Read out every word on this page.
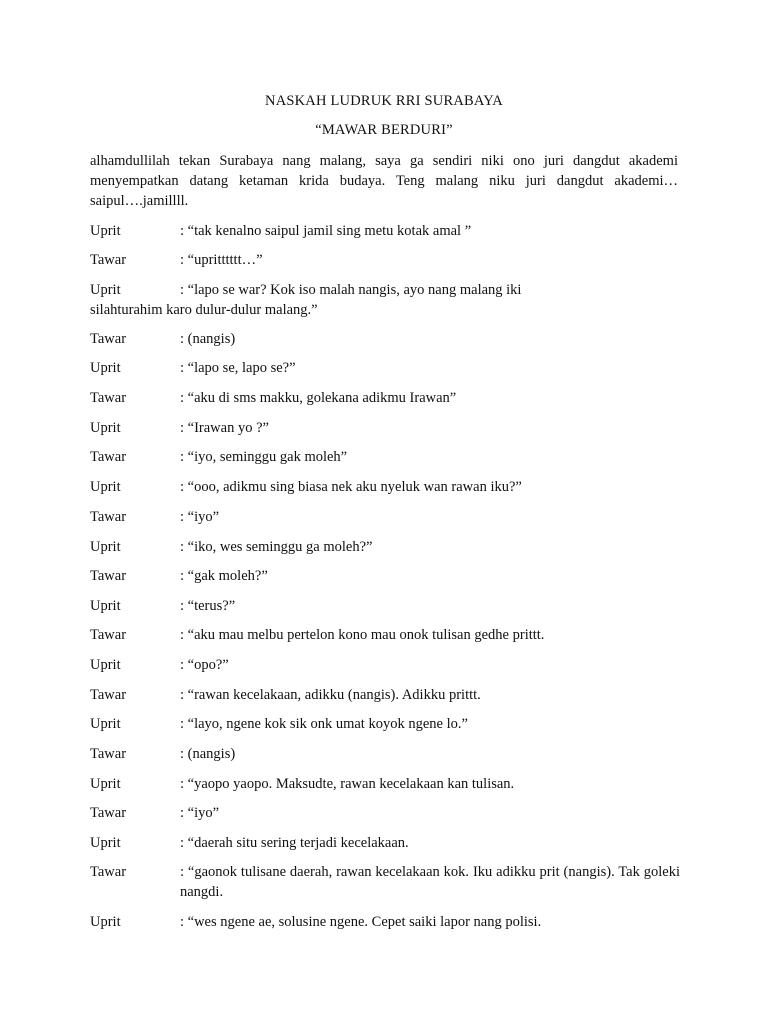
NASKAH LUDRUK RRI SURABAYA
“MAWAR BERDURI”
alhamdullilah tekan Surabaya nang malang, saya ga sendiri niki ono juri dangdut akademi menyempatkan datang ketaman krida budaya. Teng malang niku juri dangdut akademi… saipul….jamillll.
Uprit	: “tak kenalno saipul jamil sing metu kotak amal ”
Tawar	: “upritttttt…”
Uprit	: “lapo se war? Kok iso malah nangis, ayo nang malang iki
silahturahim karo dulur-dulur malang.”
Tawar	: (nangis)
Uprit	: “lapo se, lapo se?”
Tawar	: “aku di sms makku, golekana adikmu Irawan”
Uprit	: “Irawan yo ?”
Tawar	: “iyo, seminggu gak moleh”
Uprit	: “ooo, adikmu sing biasa nek aku nyeluk wan rawan iku?”
Tawar	: “iyo”
Uprit	: “iko, wes seminggu ga moleh?”
Tawar	: “gak moleh?”
Uprit	: “terus?”
Tawar	: “aku mau melbu pertelon kono mau onok tulisan gedhe prittt.
Uprit	: “opo?”
Tawar	: “rawan kecelakaan, adikku (nangis). Adikku prittt.
Uprit	: “layo, ngene kok sik onk umat koyok ngene lo.”
Tawar	: (nangis)
Uprit	: “yaopo yaopo. Maksudte, rawan kecelakaan kan tulisan.
Tawar	: “iyo”
Uprit	: “daerah situ sering terjadi kecelakaan.
Tawar	: “gaonok tulisane daerah, rawan kecelakaan kok. Iku adikku prit (nangis). Tak goleki nangdi.
Uprit	: “wes ngene ae, solusine ngene. Cepet saiki lapor nang polisi.
